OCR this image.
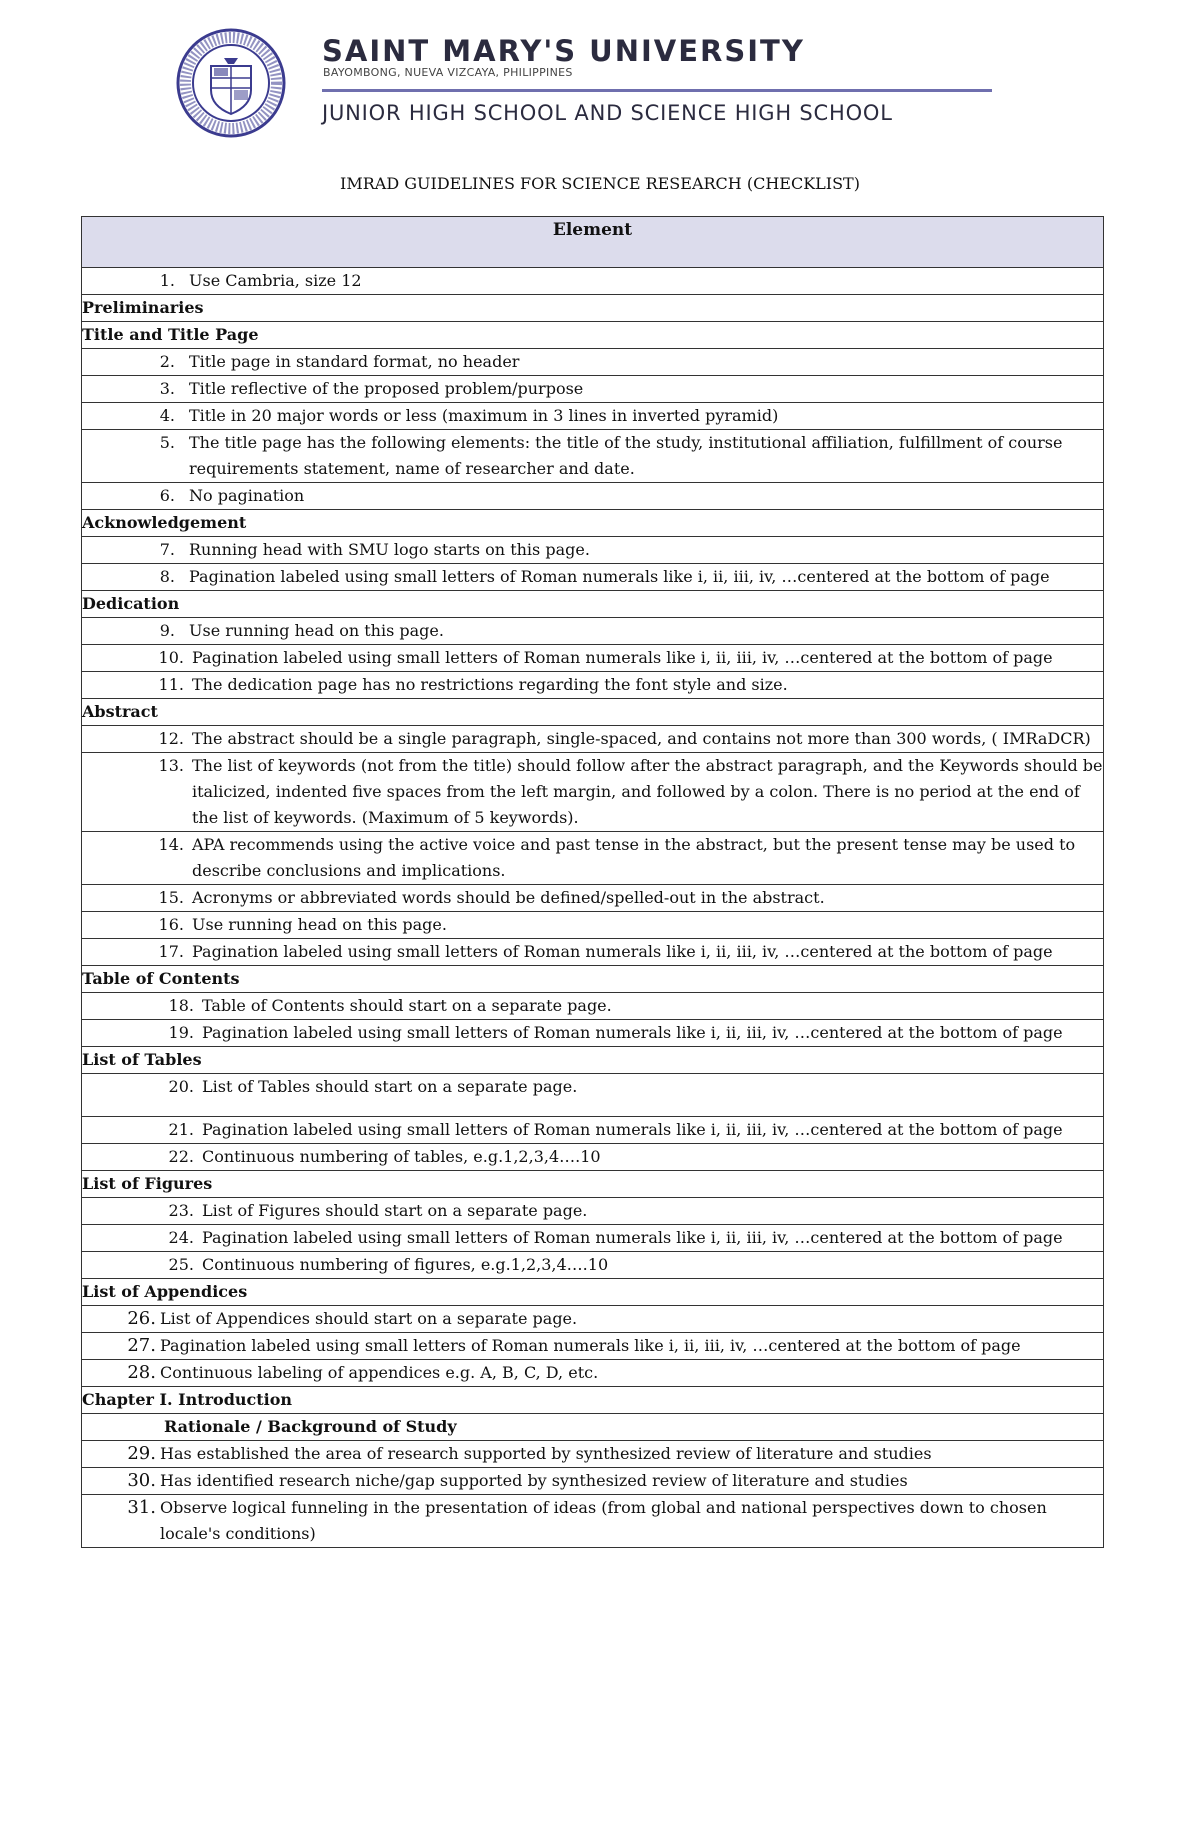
SAINT MARY'S UNIVERSITY
BAYOMBONG, NUEVA VIZCAYA, PHILIPPINES
JUNIOR HIGH SCHOOL AND SCIENCE HIGH SCHOOL
IMRAD GUIDELINES FOR SCIENCE RESEARCH (CHECKLIST)
Element

1. Use Cambria, size 12

Preliminaries
Title and Title Page

2. Title page in standard format, no header

3. Title reflective of the proposed problem/purpose

4. Title in 20 major words or less (maximum in 3 lines in inverted pyramid)

5. The title page has the following elements: the title of the study, institutional affiliation, fulfillment of course requirements statement, name of researcher and date.

6. No pagination

Acknowledgement

7. Running head with SMU logo starts on this page.

8. Pagination labeled using small letters of Roman numerals like i, ii, iii, iv, …centered at the bottom of page

Dedication

9. Use running head on this page.

10. Pagination labeled using small letters of Roman numerals like i, ii, iii, iv, …centered at the bottom of page

11. The dedication page has no restrictions regarding the font style and size.

Abstract

12. The abstract should be a single paragraph, single-spaced, and contains not more than 300 words, ( IMRaDCR)

13. The list of keywords (not from the title) should follow after the abstract paragraph, and the Keywords should be italicized, indented five spaces from the left margin, and followed by a colon. There is no period at the end of the list of keywords. (Maximum of 5 keywords).

14. APA recommends using the active voice and past tense in the abstract, but the present tense may be used to describe conclusions and implications.

15. Acronyms or abbreviated words should be defined/spelled-out in the abstract.

16. Use running head on this page.

17. Pagination labeled using small letters of Roman numerals like i, ii, iii, iv, …centered at the bottom of page

Table of Contents

18. Table of Contents should start on a separate page.

19. Pagination labeled using small letters of Roman numerals like i, ii, iii, iv, …centered at the bottom of page

List of Tables

20. List of Tables should start on a separate page.

21. Pagination labeled using small letters of Roman numerals like i, ii, iii, iv, …centered at the bottom of page

22. Continuous numbering of tables, e.g.1,2,3,4….10

List of Figures

23. List of Figures should start on a separate page.

24. Pagination labeled using small letters of Roman numerals like i, ii, iii, iv, …centered at the bottom of page

25. Continuous numbering of figures, e.g.1,2,3,4….10

List of Appendices

26. List of Appendices should start on a separate page.

27. Pagination labeled using small letters of Roman numerals like i, ii, iii, iv, …centered at the bottom of page

28. Continuous labeling of appendices e.g. A, B, C, D, etc.

Chapter I. Introduction
Rationale / Background of Study

29. Has established the area of research supported by synthesized review of literature and studies

30. Has identified research niche/gap supported by synthesized review of literature and studies

31. Observe logical funneling in the presentation of ideas (from global and national perspectives down to chosen locale's conditions)
